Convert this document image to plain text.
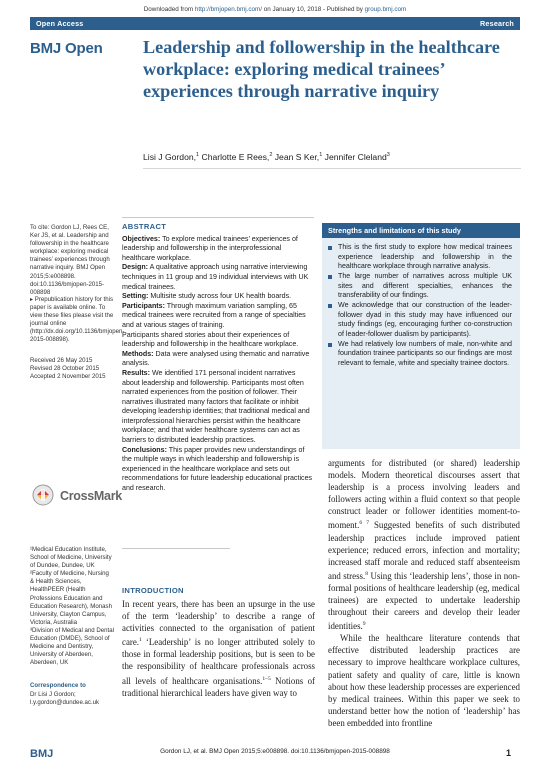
Downloaded from http://bmjopen.bmj.com/ on January 10, 2018 - Published by group.bmj.com
Open Access	Research
BMJ Open Leadership and followership in the healthcare workplace: exploring medical trainees’ experiences through narrative inquiry
Lisi J Gordon,$^1$ Charlotte E Rees,$^2$ Jean S Ker,$^1$ Jennifer Cleland$^3$
To cite: Gordon LJ, Rees CE, Ker JS, et al. Leadership and followership in the healthcare workplace: exploring medical trainees’ experiences through narrative inquiry. BMJ Open 2015;5:e008898. doi:10.1136/bmjopen-2015-008898
▸ Prepublication history for this paper is available online. To view these files please visit the journal online (http://dx.doi.org/10.1136/bmjopen-2015-008898).
Received 26 May 2015
Revised 28 October 2015
Accepted 2 November 2015
CrossMark
¹Medical Education Institute, School of Medicine, University of Dundee, Dundee, UK
²Faculty of Medicine, Nursing & Health Sciences, HealthPEER (Health Professions Education and Education Research), Monash University, Clayton Campus, Victoria, Australia
³Division of Medical and Dental Education (DMDE), School of Medicine and Dentistry, University of Aberdeen, Aberdeen, UK
Correspondence to
Dr Lisi J Gordon; l.y.gordon@dundee.ac.uk
ABSTRACT

Objectives: To explore medical trainees’ experiences of leadership and followership in the interprofessional healthcare workplace.

Design: A qualitative approach using narrative interviewing techniques in 11 group and 19 individual interviews with UK medical trainees.

Setting: Multisite study across four UK health boards.

Participants: Through maximum variation sampling, 65 medical trainees were recruited from a range of specialties and at various stages of training.

Participants shared stories about their experiences of leadership and followership in the healthcare workplace.

Methods: Data were analysed using thematic and narrative analysis.

Results: We identified 171 personal incident narratives about leadership and followership. Participants most often narrated experiences from the position of follower. Their narratives illustrated many factors that facilitate or inhibit developing leadership identities; that traditional medical and interprofessional hierarchies persist within the healthcare workplace; and that wider healthcare systems can act as barriers to distributed leadership practices.

Conclusions: This paper provides new understandings of the multiple ways in which leadership and followership is experienced in the healthcare workplace and sets out recommendations for future leadership educational practices and research.

This is the first study to explore how medical trainees experience leadership and followership in the healthcare workplace through narrative analysis.
The large number of narratives across multiple UK sites and different specialties, enhances the transferability of our findings.
We acknowledge that our construction of the leader-follower dyad in this study may have influenced our study findings (eg, encouraging further co-construction of leader-follower dualism by participants).
We had relatively low numbers of male, non-white and foundation trainee participants so our findings are most relevant to female, white and specialty trainee doctors.
Strengths and limitations of this study
INTRODUCTION
In recent years, there has been an upsurge in the use of the term ‘leadership’ to describe a range of activities connected to the organisation of patient care.$^1$ ‘Leadership’ is no longer attributed solely to those in formal leadership positions, but is seen to be the responsibility of healthcare professionals across all levels of healthcare organisations.$^{1-5}$ Notions of traditional hierarchical leaders have given way to

arguments for distributed (or shared) leadership models. Modern theoretical discourses assert that leadership is a process involving leaders and followers acting within a fluid context so that people construct leader or follower identities moment-to-moment.$^{6 7}$ Suggested benefits of such distributed leadership practices include improved patient experience; reduced errors, infection and mortality; increased staff morale and reduced staff absenteeism and stress.$^8$ Using this ‘leadership lens’, those in non-formal positions of healthcare leadership (eg, medical trainees) are expected to undertake leadership throughout their careers and develop their leader identities.$^9$

While the healthcare literature contends that effective distributed leadership practices are necessary to improve healthcare workplace cultures, patient safety and quality of care, little is known about how these leadership processes are experienced by medical trainees. Within this paper we seek to understand better how the notion of ‘leadership’ has been embedded into frontline

BMJ	Gordon LJ, et al. BMJ Open 2015;5:e008898. doi:10.1136/bmjopen-2015-008898	1
